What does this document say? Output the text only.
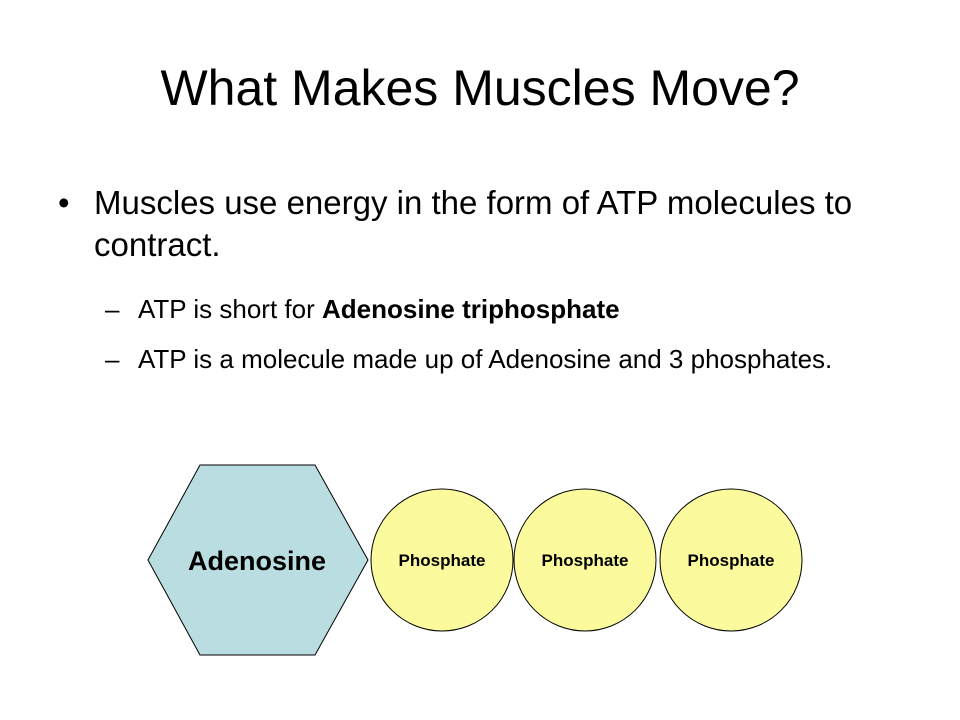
What Makes Muscles Move?
• Muscles use energy in the form of ATP molecules to contract.
– ATP is short for Adenosine triphosphate
– ATP is a molecule made up of Adenosine and 3 phosphates.
Adenosine	Phosphate	Phosphate	Phosphate
